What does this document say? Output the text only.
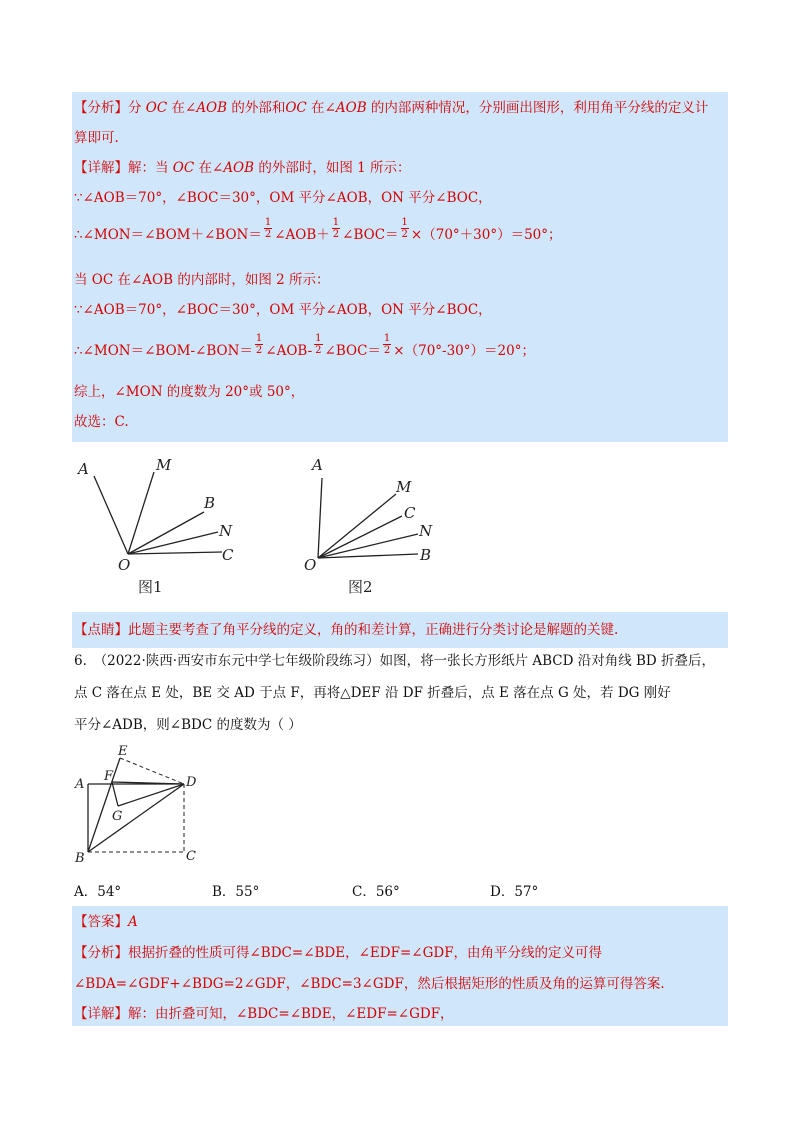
【分析】分 OC 在∠AOB 的外部和OC 在∠AOB 的内部两种情况，分别画出图形，利用角平分线的定义计
算即可.
【详解】解：当 OC 在∠AOB 的外部时，如图 1 所示：
∵∠AOB＝70°，∠BOC＝30°，OM 平分∠AOB，ON 平分∠BOC，
∴∠MON＝∠BOM＋∠BON＝ $\frac{1}{2}$ ∠AOB＋ $\frac{1}{2}$ ∠BOC＝ $\frac{1}{2} \times(70^\circ+30^\circ)=50^\circ$；
当 OC 在∠AOB 的内部时，如图 2 所示：
∵∠AOB＝70°，∠BOC＝30°，OM 平分∠AOB，ON 平分∠BOC，
∴∠MON＝∠BOM-∠BON＝ $\frac{1}{2}$ ∠AOB- $\frac{1}{2}$ ∠BOC＝ $\frac{1}{2} \times(70^\circ-30^\circ)=20^\circ$；
综上，∠MON 的度数为 20°或 50°，
故选：C.
A	M
B
N
C
O
A
M
C
N
B
O
图1	图2
【点睛】此题主要考查了角平分线的定义，角的和差计算，正确进行分类讨论是解题的关键.
6.　（2022·陕西·西安市东元中学七年级阶段练习）如图，将一张长方形纸片 ABCD 沿对角线 BD 折叠后，
点 C 落在点 E 处，BE 交 AD 于点 F，再将△DEF 沿 DF 折叠后，点 E 落在点 G 处，若 DG 刚好
平分∠ADB，则∠BDC 的度数为（ ）
E
A
F	D
G
B	C
A．54°	B．55°	C．56°	D．57°
【答案】A
【分析】根据折叠的性质可得∠BDC=∠BDE，∠EDF=∠GDF，由角平分线的定义可得
∠BDA=∠GDF+∠BDG=2∠GDF，∠BDC=3∠GDF，然后根据矩形的性质及角的运算可得答案.
【详解】解：由折叠可知，∠BDC=∠BDE，∠EDF=∠GDF，
